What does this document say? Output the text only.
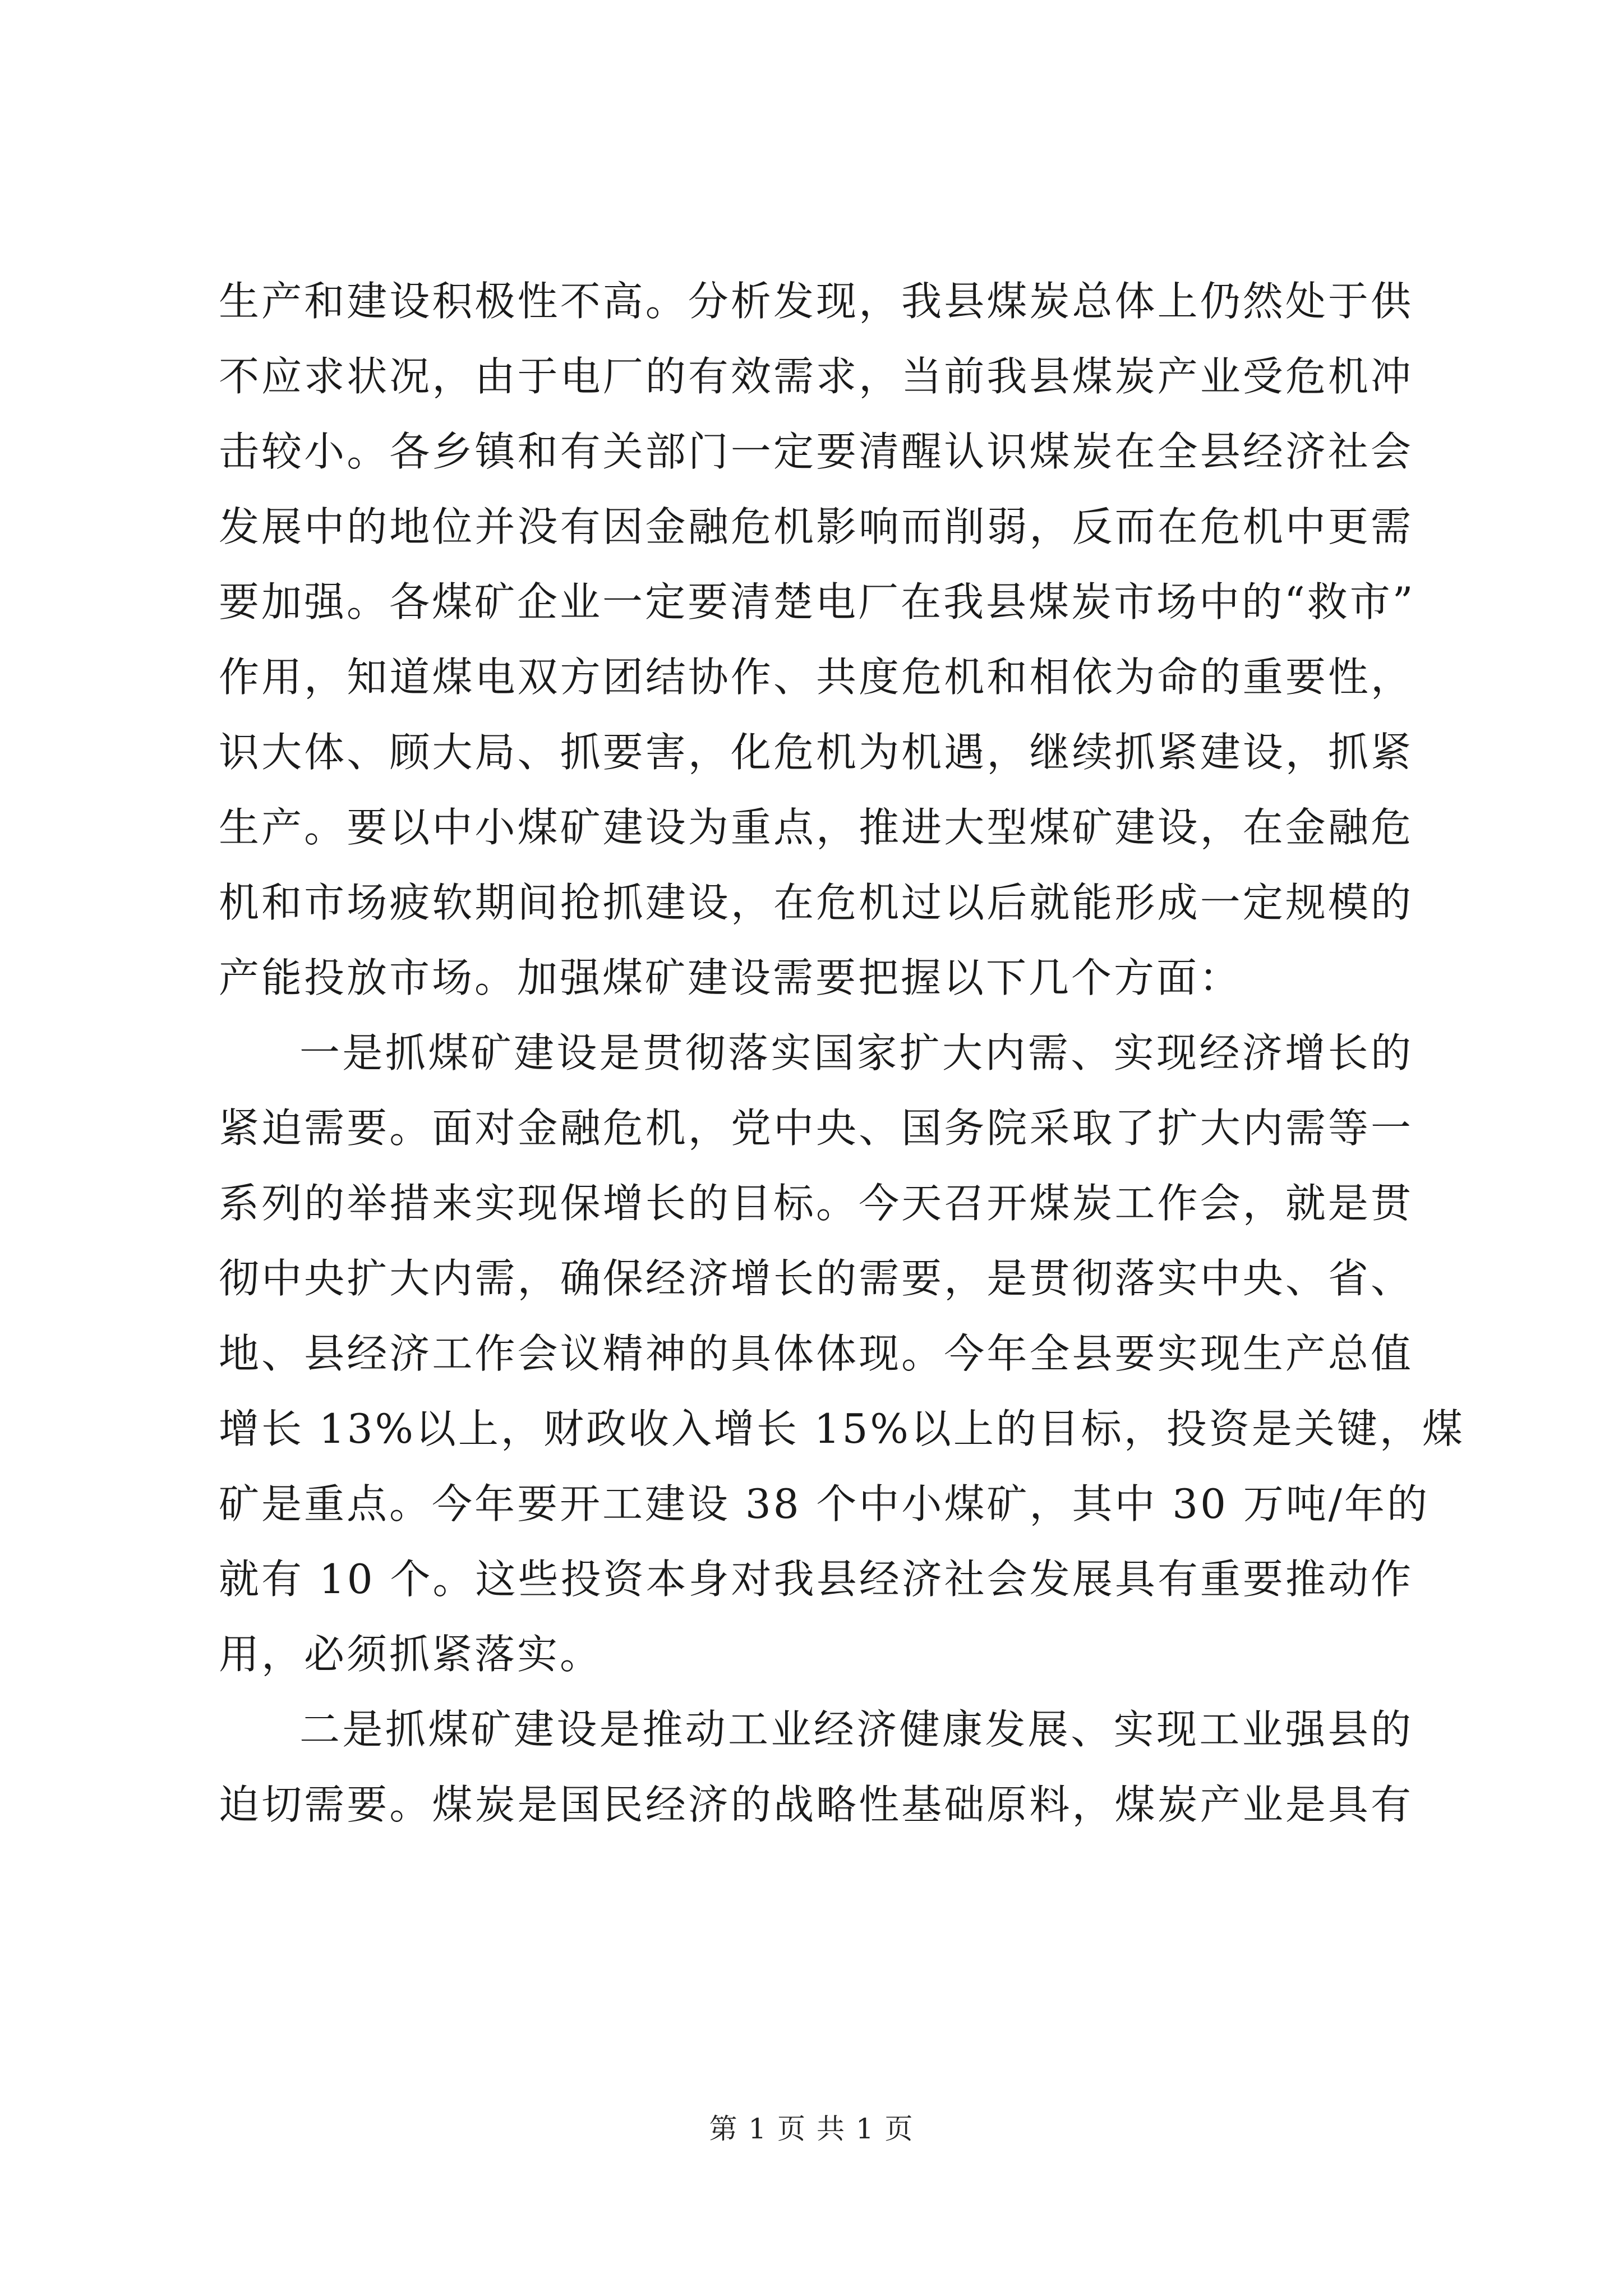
生产和建设积极性不高。分析发现，我县煤炭总体上仍然处于供
不应求状况，由于电厂的有效需求，当前我县煤炭产业受危机冲
击较小。各乡镇和有关部门一定要清醒认识煤炭在全县经济社会
发展中的地位并没有因金融危机影响而削弱，反而在危机中更需
要加强。各煤矿企业一定要清楚电厂在我县煤炭市场中的“救市”
作用，知道煤电双方团结协作、共度危机和相依为命的重要性，
识大体、顾大局、抓要害，化危机为机遇，继续抓紧建设，抓紧
生产。要以中小煤矿建设为重点，推进大型煤矿建设，在金融危
机和市场疲软期间抢抓建设，在危机过以后就能形成一定规模的
产能投放市场。加强煤矿建设需要把握以下几个方面：
一是抓煤矿建设是贯彻落实国家扩大内需、实现经济增长的
紧迫需要。面对金融危机，党中央、国务院采取了扩大内需等一
系列的举措来实现保增长的目标。今天召开煤炭工作会，就是贯
彻中央扩大内需，确保经济增长的需要，是贯彻落实中央、省、
地、县经济工作会议精神的具体体现。今年全县要实现生产总值
增长 13%以上，财政收入增长 15%以上的目标，投资是关键，煤
矿是重点。今年要开工建设 38 个中小煤矿，其中 30 万吨/年的
就有 10 个。这些投资本身对我县经济社会发展具有重要推动作
用，必须抓紧落实。
二是抓煤矿建设是推动工业经济健康发展、实现工业强县的
迫切需要。煤炭是国民经济的战略性基础原料，煤炭产业是具有
第 1 页 共 1 页
